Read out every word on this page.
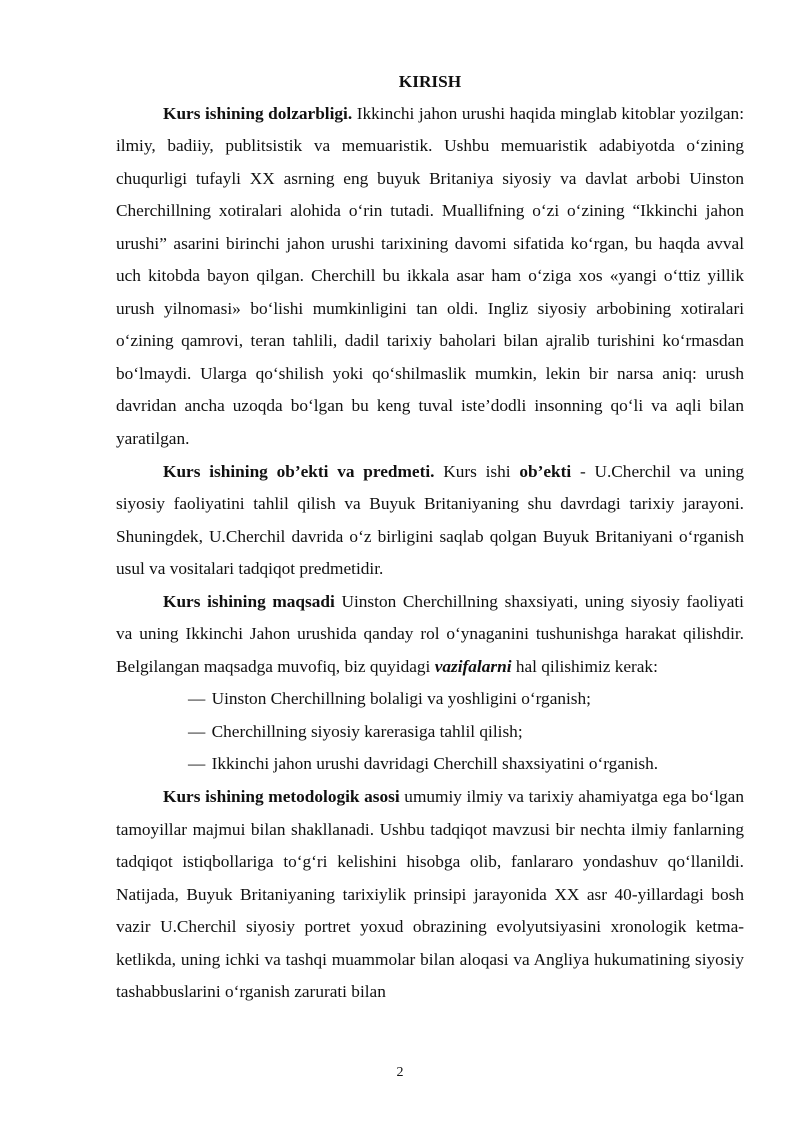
KIRISH

Kurs ishining dolzarbligi. Ikkinchi jahon urushi haqida minglab kitoblar yozilgan: ilmiy, badiiy, publitsistik va memuaristik. Ushbu memuaristik adabiyotda o‘zining chuqurligi tufayli XX asrning eng buyuk Britaniya siyosiy va davlat arbobi Uinston Cherchillning xotiralari alohida o‘rin tutadi. Muallifning o‘zi o‘zining “Ikkinchi jahon urushi” asarini birinchi jahon urushi tarixining davomi sifatida ko‘rgan, bu haqda avval uch kitobda bayon qilgan. Cherchill bu ikkala asar ham o‘ziga xos «yangi o‘ttiz yillik urush yilnomasi» bo‘lishi mumkinligini tan oldi. Ingliz siyosiy arbobining xotiralari o‘zining qamrovi, teran tahlili, dadil tarixiy baholari bilan ajralib turishini ko‘rmasdan bo‘lmaydi. Ularga qo‘shilish yoki qo‘shilmaslik mumkin, lekin bir narsa aniq: urush davridan ancha uzoqda bo‘lgan bu keng tuval iste’dodli insonning qo‘li va aqli bilan yaratilgan.

Kurs ishining ob’ekti va predmeti. Kurs ishi ob’ekti - U.Cherchil va uning siyosiy faoliyatini tahlil qilish va Buyuk Britaniyaning shu davrdagi tarixiy jarayoni. Shuningdek, U.Cherchil davrida o‘z birligini saqlab qolgan Buyuk Britaniyani o‘rganish usul va vositalari tadqiqot predmetidir.

Kurs ishining maqsadi Uinston Cherchillning shaxsiyati, uning siyosiy faoliyati va uning Ikkinchi Jahon urushida qanday rol o‘ynaganini tushunishga harakat qilishdir. Belgilangan maqsadga muvofiq, biz quyidagi vazifalarni hal qilishimiz kerak:

— Uinston Cherchillning bolaligi va yoshligini o‘rganish;
— Cherchillning siyosiy karerasiga tahlil qilish;
— Ikkinchi jahon urushi davridagi Cherchill shaxsiyatini o‘rganish.

Kurs ishining metodologik asosi umumiy ilmiy va tarixiy ahamiyatga ega bo‘lgan tamoyillar majmui bilan shakllanadi. Ushbu tadqiqot mavzusi bir nechta ilmiy fanlarning tadqiqot istiqbollariga to‘g‘ri kelishini hisobga olib, fanlararo yondashuv qo‘llanildi. Natijada, Buyuk Britaniyaning tarixiylik prinsipi jarayonida XX asr 40-yillardagi bosh vazir U.Cherchil siyosiy portret yoxud obrazining evolyutsiyasini xronologik ketma-ketlikda, uning ichki va tashqi muammolar bilan aloqasi va Angliya hukumatining siyosiy tashabbuslarini o‘rganish zarurati bilan

2
